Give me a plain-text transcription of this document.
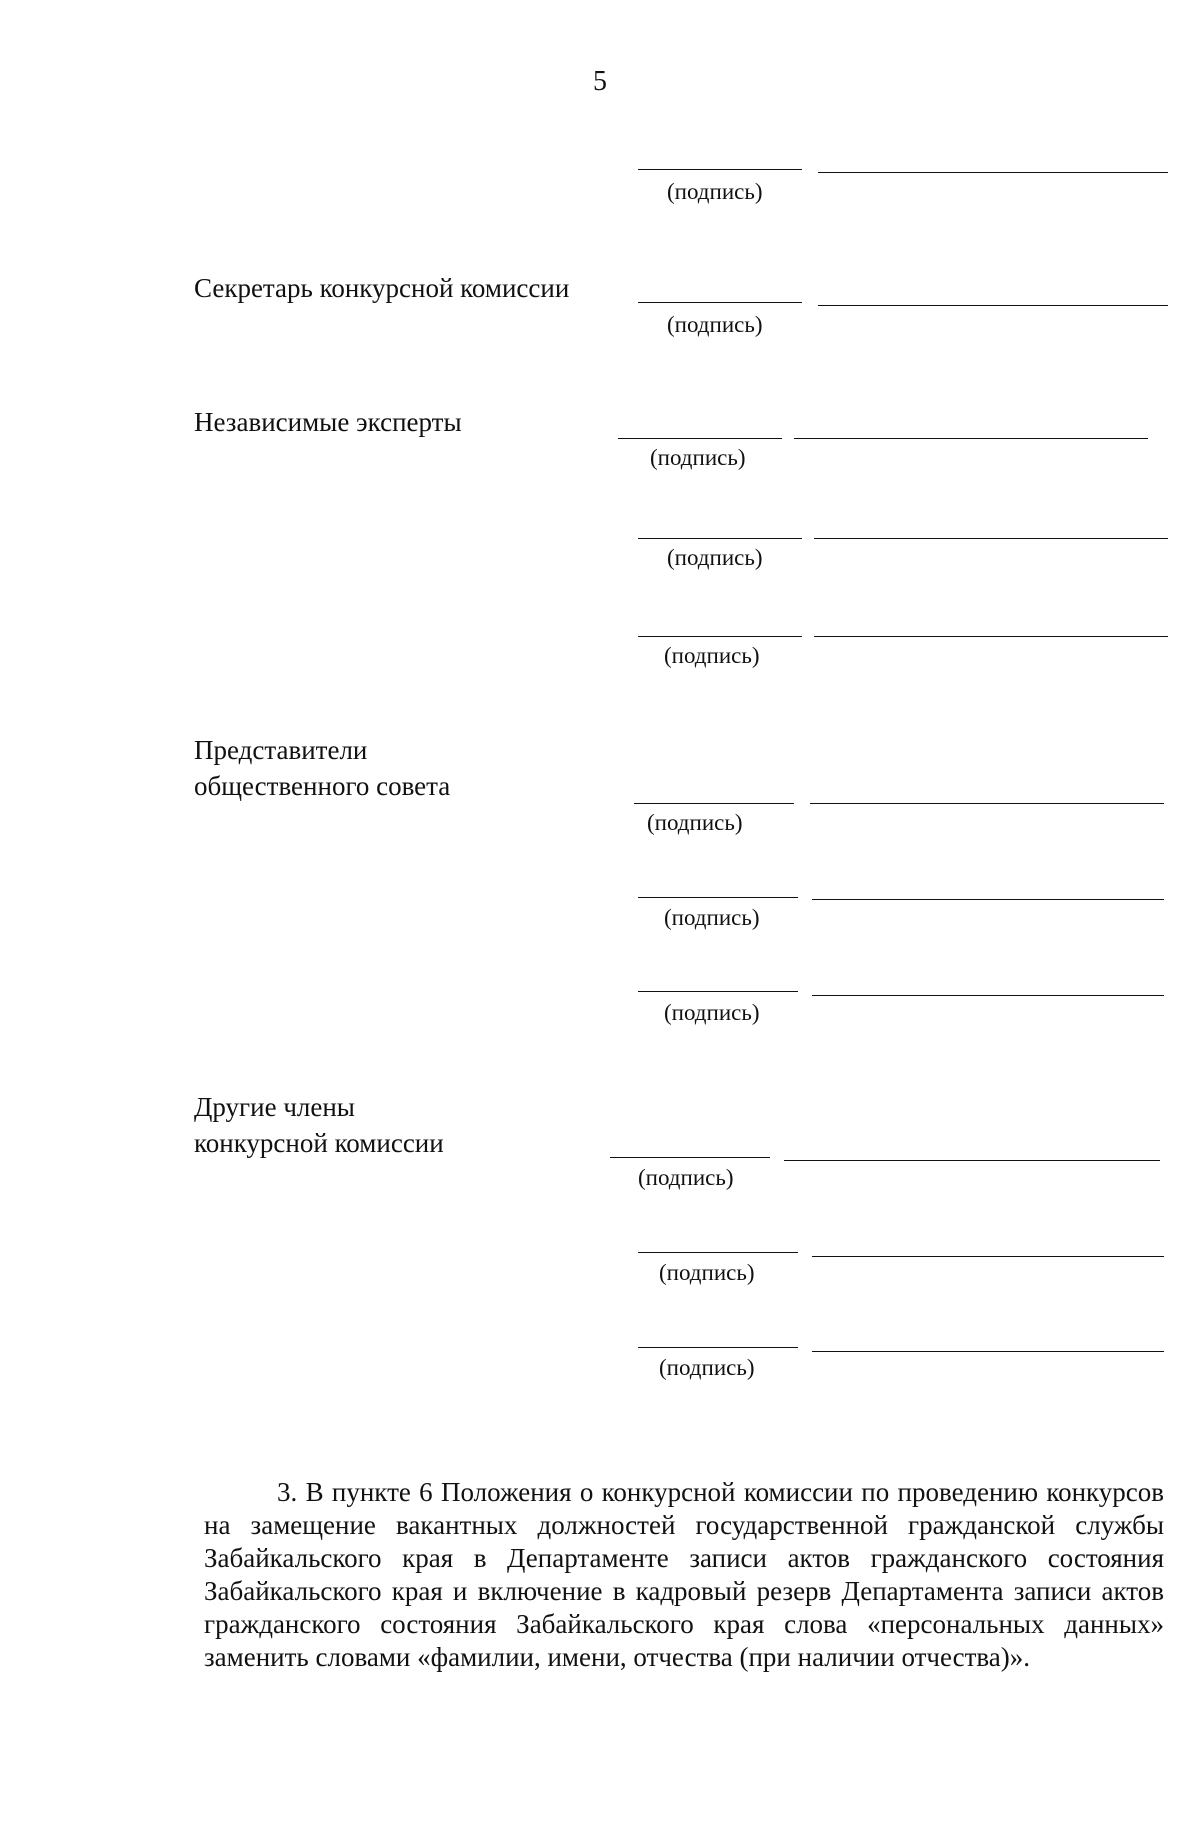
5
Секретарь конкурсной комиссии
Независимые эксперты
Представители
общественного совета
Другие члены
конкурсной комиссии
(подпись)
(подпись)
(подпись)
(подпись)
(подпись)
(подпись)
(подпись)
(подпись)
(подпись)
(подпись)
(подпись)
3. В пункте 6 Положения о конкурсной комиссии по проведению конкурсов на замещение вакантных должностей государственной гражданской службы Забайкальского края в Департаменте записи актов гражданского состояния Забайкальского края и включение в кадровый резерв Департамента записи актов гражданского состояния Забайкальского края слова «персональных данных» заменить словами «фамилии, имени, отчества (при наличии отчества)».
